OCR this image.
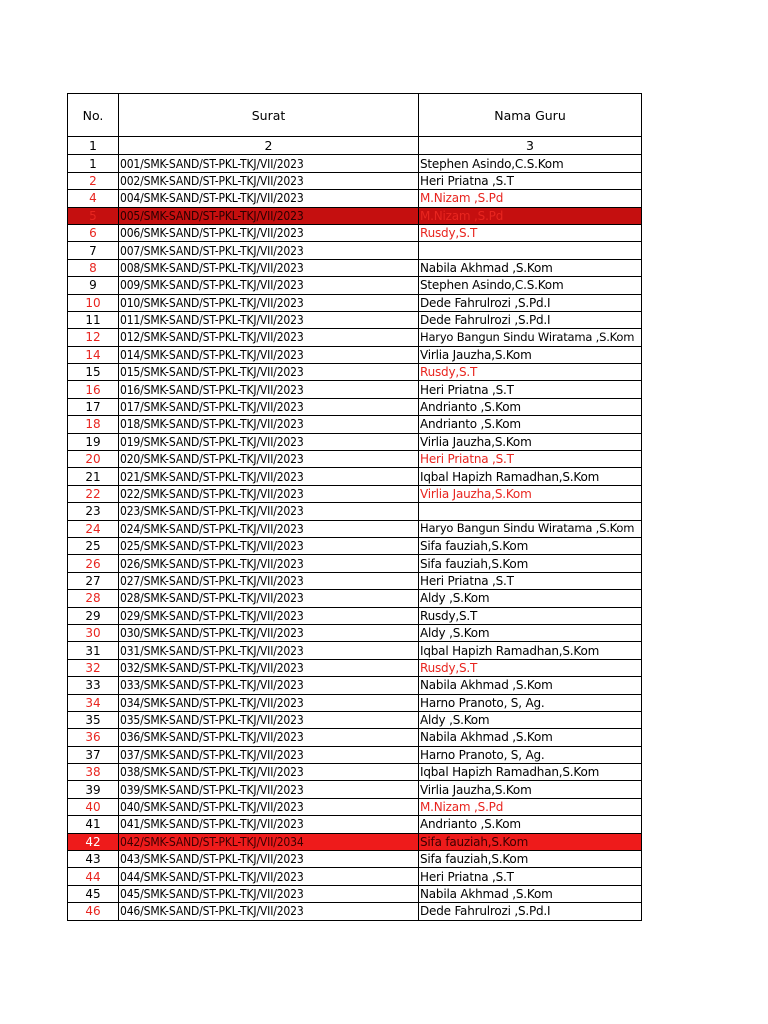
No.	Surat	Nama Guru
1	2	3
1	001/SMK-SAND/ST-PKL-TKJ/VII/2023	Stephen Asindo,C.S.Kom
2	002/SMK-SAND/ST-PKL-TKJ/VII/2023	Heri Priatna ,S.T
4	004/SMK-SAND/ST-PKL-TKJ/VII/2023	M.Nizam ,S.Pd
5	005/SMK-SAND/ST-PKL-TKJ/VII/2023	M.Nizam ,S.Pd
6	006/SMK-SAND/ST-PKL-TKJ/VII/2023	Rusdy,S.T
7	007/SMK-SAND/ST-PKL-TKJ/VII/2023	
8	008/SMK-SAND/ST-PKL-TKJ/VII/2023	Nabila Akhmad ,S.Kom
9	009/SMK-SAND/ST-PKL-TKJ/VII/2023	Stephen Asindo,C.S.Kom
10	010/SMK-SAND/ST-PKL-TKJ/VII/2023	Dede Fahrulrozi ,S.Pd.I
11	011/SMK-SAND/ST-PKL-TKJ/VII/2023	Dede Fahrulrozi ,S.Pd.I
12	012/SMK-SAND/ST-PKL-TKJ/VII/2023	Haryo Bangun Sindu Wiratama ,S.Kom
14	014/SMK-SAND/ST-PKL-TKJ/VII/2023	Virlia Jauzha,S.Kom
15	015/SMK-SAND/ST-PKL-TKJ/VII/2023	Rusdy,S.T
16	016/SMK-SAND/ST-PKL-TKJ/VII/2023	Heri Priatna ,S.T
17	017/SMK-SAND/ST-PKL-TKJ/VII/2023	Andrianto ,S.Kom
18	018/SMK-SAND/ST-PKL-TKJ/VII/2023	Andrianto ,S.Kom
19	019/SMK-SAND/ST-PKL-TKJ/VII/2023	Virlia Jauzha,S.Kom
20	020/SMK-SAND/ST-PKL-TKJ/VII/2023	Heri Priatna ,S.T
21	021/SMK-SAND/ST-PKL-TKJ/VII/2023	Iqbal Hapizh Ramadhan,S.Kom
22	022/SMK-SAND/ST-PKL-TKJ/VII/2023	Virlia Jauzha,S.Kom
23	023/SMK-SAND/ST-PKL-TKJ/VII/2023	
24	024/SMK-SAND/ST-PKL-TKJ/VII/2023	Haryo Bangun Sindu Wiratama ,S.Kom
25	025/SMK-SAND/ST-PKL-TKJ/VII/2023	Sifa fauziah,S.Kom
26	026/SMK-SAND/ST-PKL-TKJ/VII/2023	Sifa fauziah,S.Kom
27	027/SMK-SAND/ST-PKL-TKJ/VII/2023	Heri Priatna ,S.T
28	028/SMK-SAND/ST-PKL-TKJ/VII/2023	Aldy ,S.Kom
29	029/SMK-SAND/ST-PKL-TKJ/VII/2023	Rusdy,S.T
30	030/SMK-SAND/ST-PKL-TKJ/VII/2023	Aldy ,S.Kom
31	031/SMK-SAND/ST-PKL-TKJ/VII/2023	Iqbal Hapizh Ramadhan,S.Kom
32	032/SMK-SAND/ST-PKL-TKJ/VII/2023	Rusdy,S.T
33	033/SMK-SAND/ST-PKL-TKJ/VII/2023	Nabila Akhmad ,S.Kom
34	034/SMK-SAND/ST-PKL-TKJ/VII/2023	Harno Pranoto, S, Ag.
35	035/SMK-SAND/ST-PKL-TKJ/VII/2023	Aldy ,S.Kom
36	036/SMK-SAND/ST-PKL-TKJ/VII/2023	Nabila Akhmad ,S.Kom
37	037/SMK-SAND/ST-PKL-TKJ/VII/2023	Harno Pranoto, S, Ag.
38	038/SMK-SAND/ST-PKL-TKJ/VII/2023	Iqbal Hapizh Ramadhan,S.Kom
39	039/SMK-SAND/ST-PKL-TKJ/VII/2023	Virlia Jauzha,S.Kom
40	040/SMK-SAND/ST-PKL-TKJ/VII/2023	M.Nizam ,S.Pd
41	041/SMK-SAND/ST-PKL-TKJ/VII/2023	Andrianto ,S.Kom
42	042/SMK-SAND/ST-PKL-TKJ/VII/2034	Sifa fauziah,S.Kom
43	043/SMK-SAND/ST-PKL-TKJ/VII/2023	Sifa fauziah,S.Kom
44	044/SMK-SAND/ST-PKL-TKJ/VII/2023	Heri Priatna ,S.T
45	045/SMK-SAND/ST-PKL-TKJ/VII/2023	Nabila Akhmad ,S.Kom
46	046/SMK-SAND/ST-PKL-TKJ/VII/2023	Dede Fahrulrozi ,S.Pd.I
